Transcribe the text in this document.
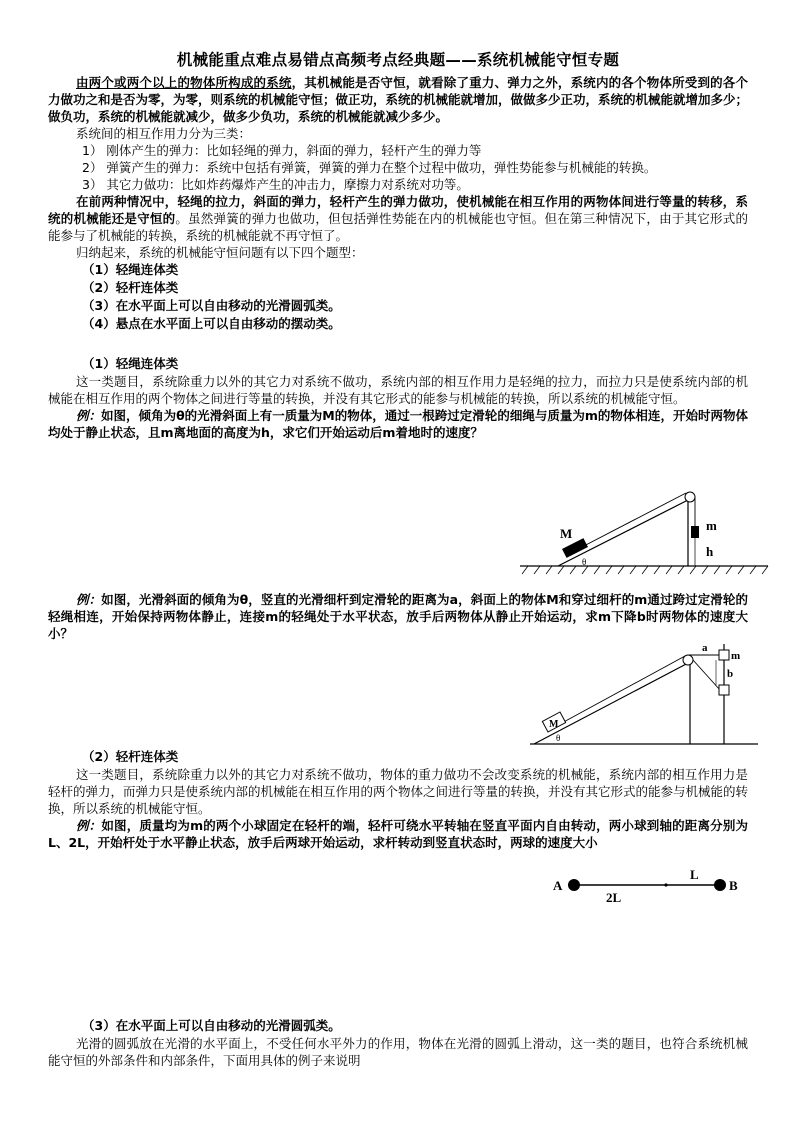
机械能重点难点易错点高频考点经典题——系统机械能守恒专题

由两个或两个以上的物体所构成的系统，其机械能是否守恒，就看除了重力、弹力之外，系统内的各个物体所受到的各个力做功之和是否为零，为零，则系统的机械能守恒；做正功，系统的机械能就增加，做做多少正功，系统的机械能就增加多少；做负功，系统的机械能就减少，做多少负功，系统的机械能就减少多少。

系统间的相互作用力分为三类：

1） 刚体产生的弹力：比如轻绳的弹力，斜面的弹力，轻杆产生的弹力等

2） 弹簧产生的弹力：系统中包括有弹簧，弹簧的弹力在整个过程中做功，弹性势能参与机械能的转换。

3） 其它力做功：比如炸药爆炸产生的冲击力，摩擦力对系统对功等。

在前两种情况中，轻绳的拉力，斜面的弹力，轻杆产生的弹力做功，使机械能在相互作用的两物体间进行等量的转移，系统的机械能还是守恒的。虽然弹簧的弹力也做功，但包括弹性势能在内的机械能也守恒。但在第三种情况下，由于其它形式的能参与了机械能的转换，系统的机械能就不再守恒了。

归纳起来，系统的机械能守恒问题有以下四个题型：

（1）轻绳连体类

（2）轻杆连体类

（3）在水平面上可以自由移动的光滑圆弧类。

（4）悬点在水平面上可以自由移动的摆动类。

（1）轻绳连体类

这一类题目，系统除重力以外的其它力对系统不做功，系统内部的相互作用力是轻绳的拉力，而拉力只是使系统内部的机械能在相互作用的两个物体之间进行等量的转换，并没有其它形式的能参与机械能的转换，所以系统的机械能守恒。

例：如图，倾角为θ的光滑斜面上有一质量为M的物体，通过一根跨过定滑轮的细绳与质量为m的物体相连，开始时两物体均处于静止状态，且m离地面的高度为h，求它们开始运动后m着地时的速度？

M
m
h
θ

例：如图，光滑斜面的倾角为θ，竖直的光滑细杆到定滑轮的距离为a，斜面上的物体M和穿过细杆的m通过跨过定滑轮的轻绳相连，开始保持两物体静止，连接m的轻绳处于水平状态，放手后两物体从静止开始运动，求m下降b时两物体的速度大小？

M
a
m
b
θ

（2）轻杆连体类

这一类题目，系统除重力以外的其它力对系统不做功，物体的重力做功不会改变系统的机械能，系统内部的相互作用力是轻杆的弹力，而弹力只是使系统内部的机械能在相互作用的两个物体之间进行等量的转换，并没有其它形式的能参与机械能的转换，所以系统的机械能守恒。

例：如图，质量均为m的两个小球固定在轻杆的端，轻杆可绕水平转轴在竖直平面内自由转动，两小球到轴的距离分别为L、2L，开始杆处于水平静止状态，放手后两球开始运动，求杆转动到竖直状态时，两球的速度大小

A	B
L
2L

（3）在水平面上可以自由移动的光滑圆弧类。

光滑的圆弧放在光滑的水平面上，不受任何水平外力的作用，物体在光滑的圆弧上滑动，这一类的题目，也符合系统机械能守恒的外部条件和内部条件，下面用具体的例子来说明
